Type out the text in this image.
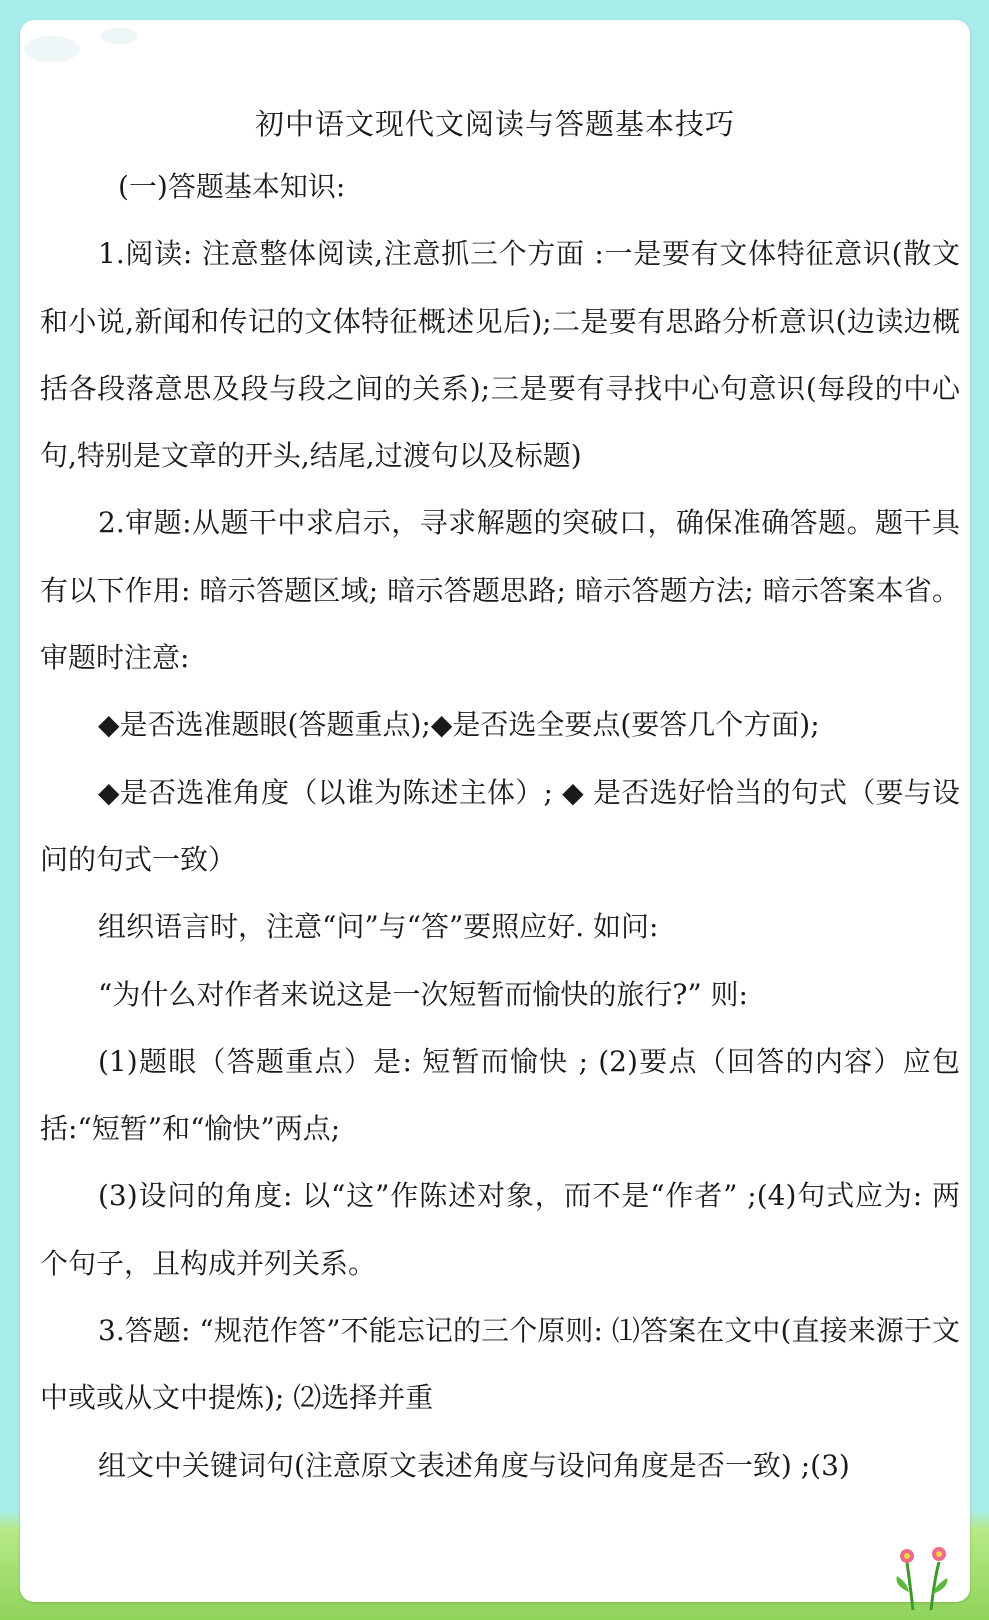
初中语文现代文阅读与答题基本技巧

(一)答题基本知识:

1.阅读: 注意整体阅读,注意抓三个方面 :一是要有文体特征意识(散文和小说,新闻和传记的文体特征概述见后);二是要有思路分析意识(边读边概括各段落意思及段与段之间的关系);三是要有寻找中心句意识(每段的中心句,特别是文章的开头,结尾,过渡句以及标题)

2.审题:从题干中求启示，寻求解题的突破口，确保准确答题。题干具有以下作用: 暗示答题区域; 暗示答题思路; 暗示答题方法; 暗示答案本省。审题时注意:

◆是否选准题眼(答题重点);◆是否选全要点(要答几个方面);

◆是否选准角度（以谁为陈述主体）; ◆ 是否选好恰当的句式（要与设问的句式一致）

组织语言时，注意“问”与“答”要照应好. 如问:

“为什么对作者来说这是一次短暂而愉快的旅行?” 则:

(1)题眼（答题重点）是: 短暂而愉快 ; (2)要点（回答的内容）应包括:“短暂”和“愉快”两点;

(3)设问的角度: 以“这”作陈述对象，而不是“作者” ;(4)句式应为: 两个句子，且构成并列关系。

3.答题: “规范作答”不能忘记的三个原则: ⑴答案在文中(直接来源于文中或或从文中提炼); ⑵选择并重

组文中关键词句(注意原文表述角度与设问角度是否一致) ;(3)
